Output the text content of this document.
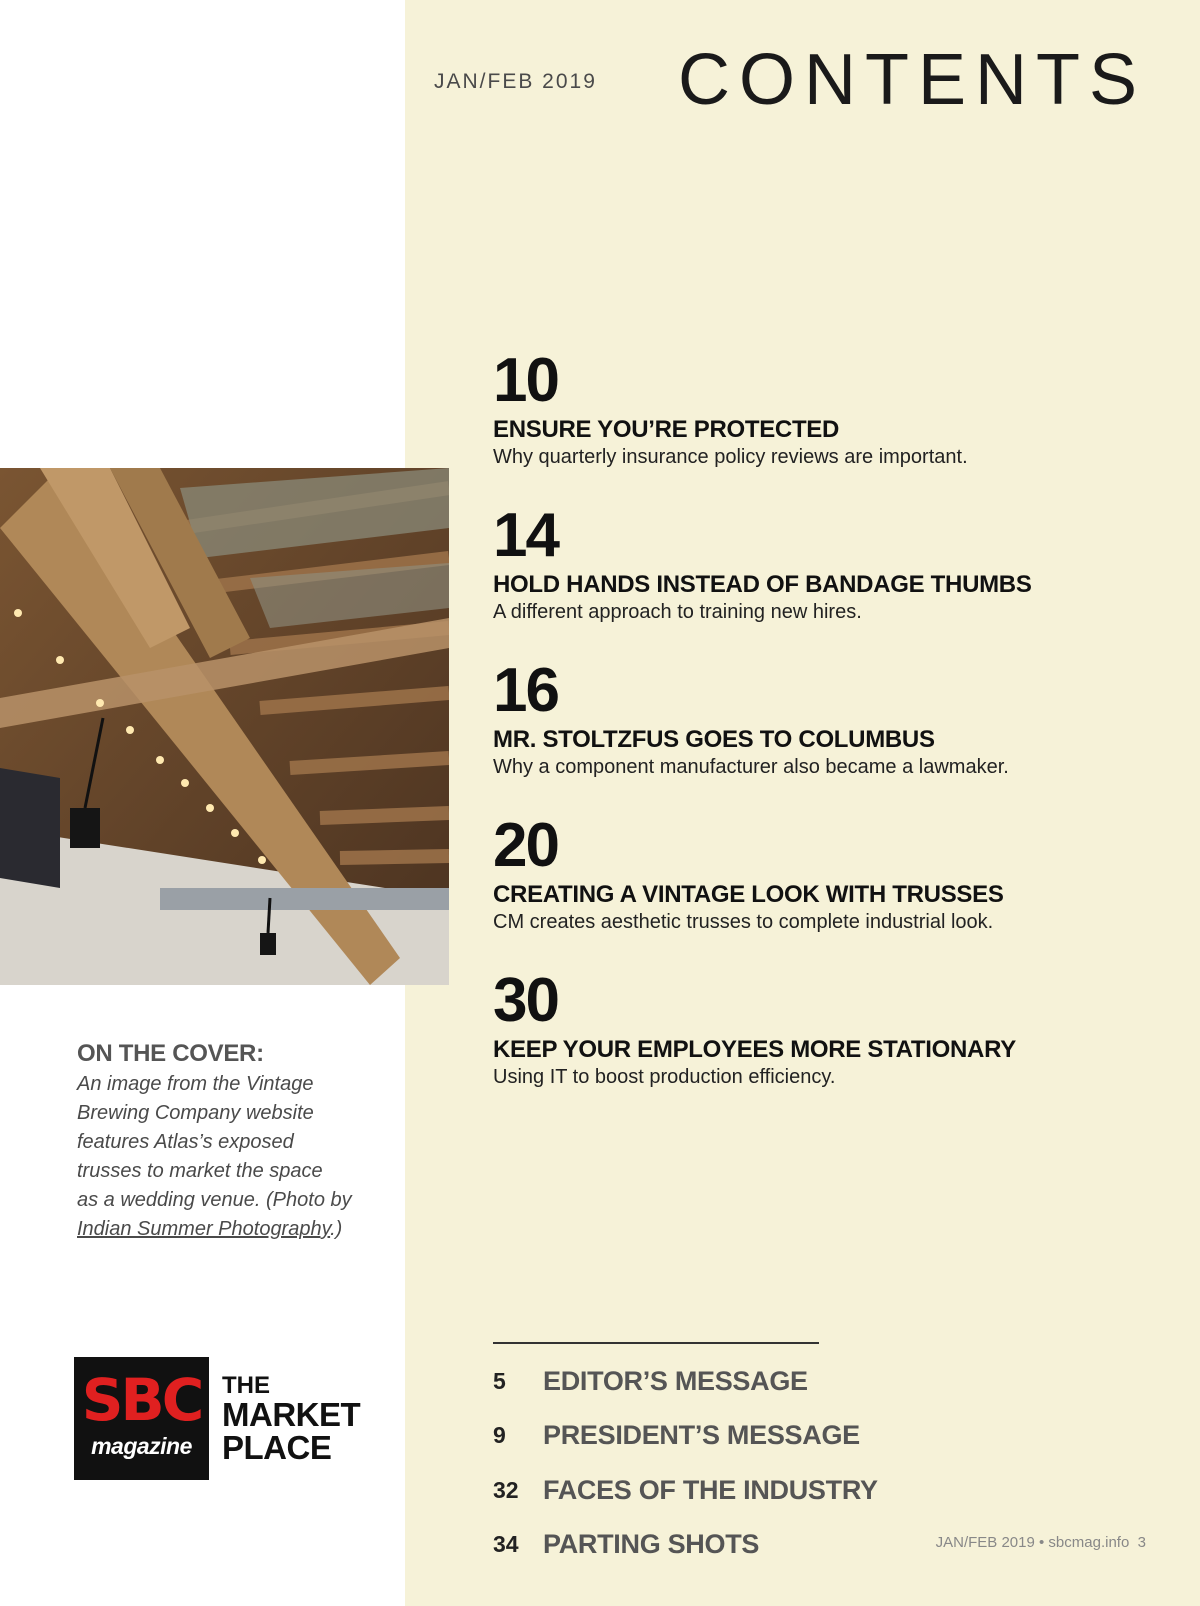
JAN/FEB 2019 CONTENTS
10
ENSURE YOU’RE PROTECTED
Why quarterly insurance policy reviews are important.
14
HOLD HANDS INSTEAD OF BANDAGE THUMBS
A different approach to training new hires.
16
MR. STOLTZFUS GOES TO COLUMBUS
Why a component manufacturer also became a lawmaker.
20
CREATING A VINTAGE LOOK WITH TRUSSES
CM creates aesthetic trusses to complete industrial look.
30
KEEP YOUR EMPLOYEES MORE STATIONARY
Using IT to boost production efficiency.
ON THE COVER:
An image from the Vintage
Brewing Company website
features Atlas’s exposed
trusses to market the space
as a wedding venue. (Photo by
Indian Summer Photography.)
SBC
magazine
THE
MARKET
PLACE
5	EDITOR’S MESSAGE
9	PRESIDENT’S MESSAGE
32 FACES OF THE INDUSTRY
34 PARTING SHOTS	JAN/FEB 2019 • sbcmag.info 3
